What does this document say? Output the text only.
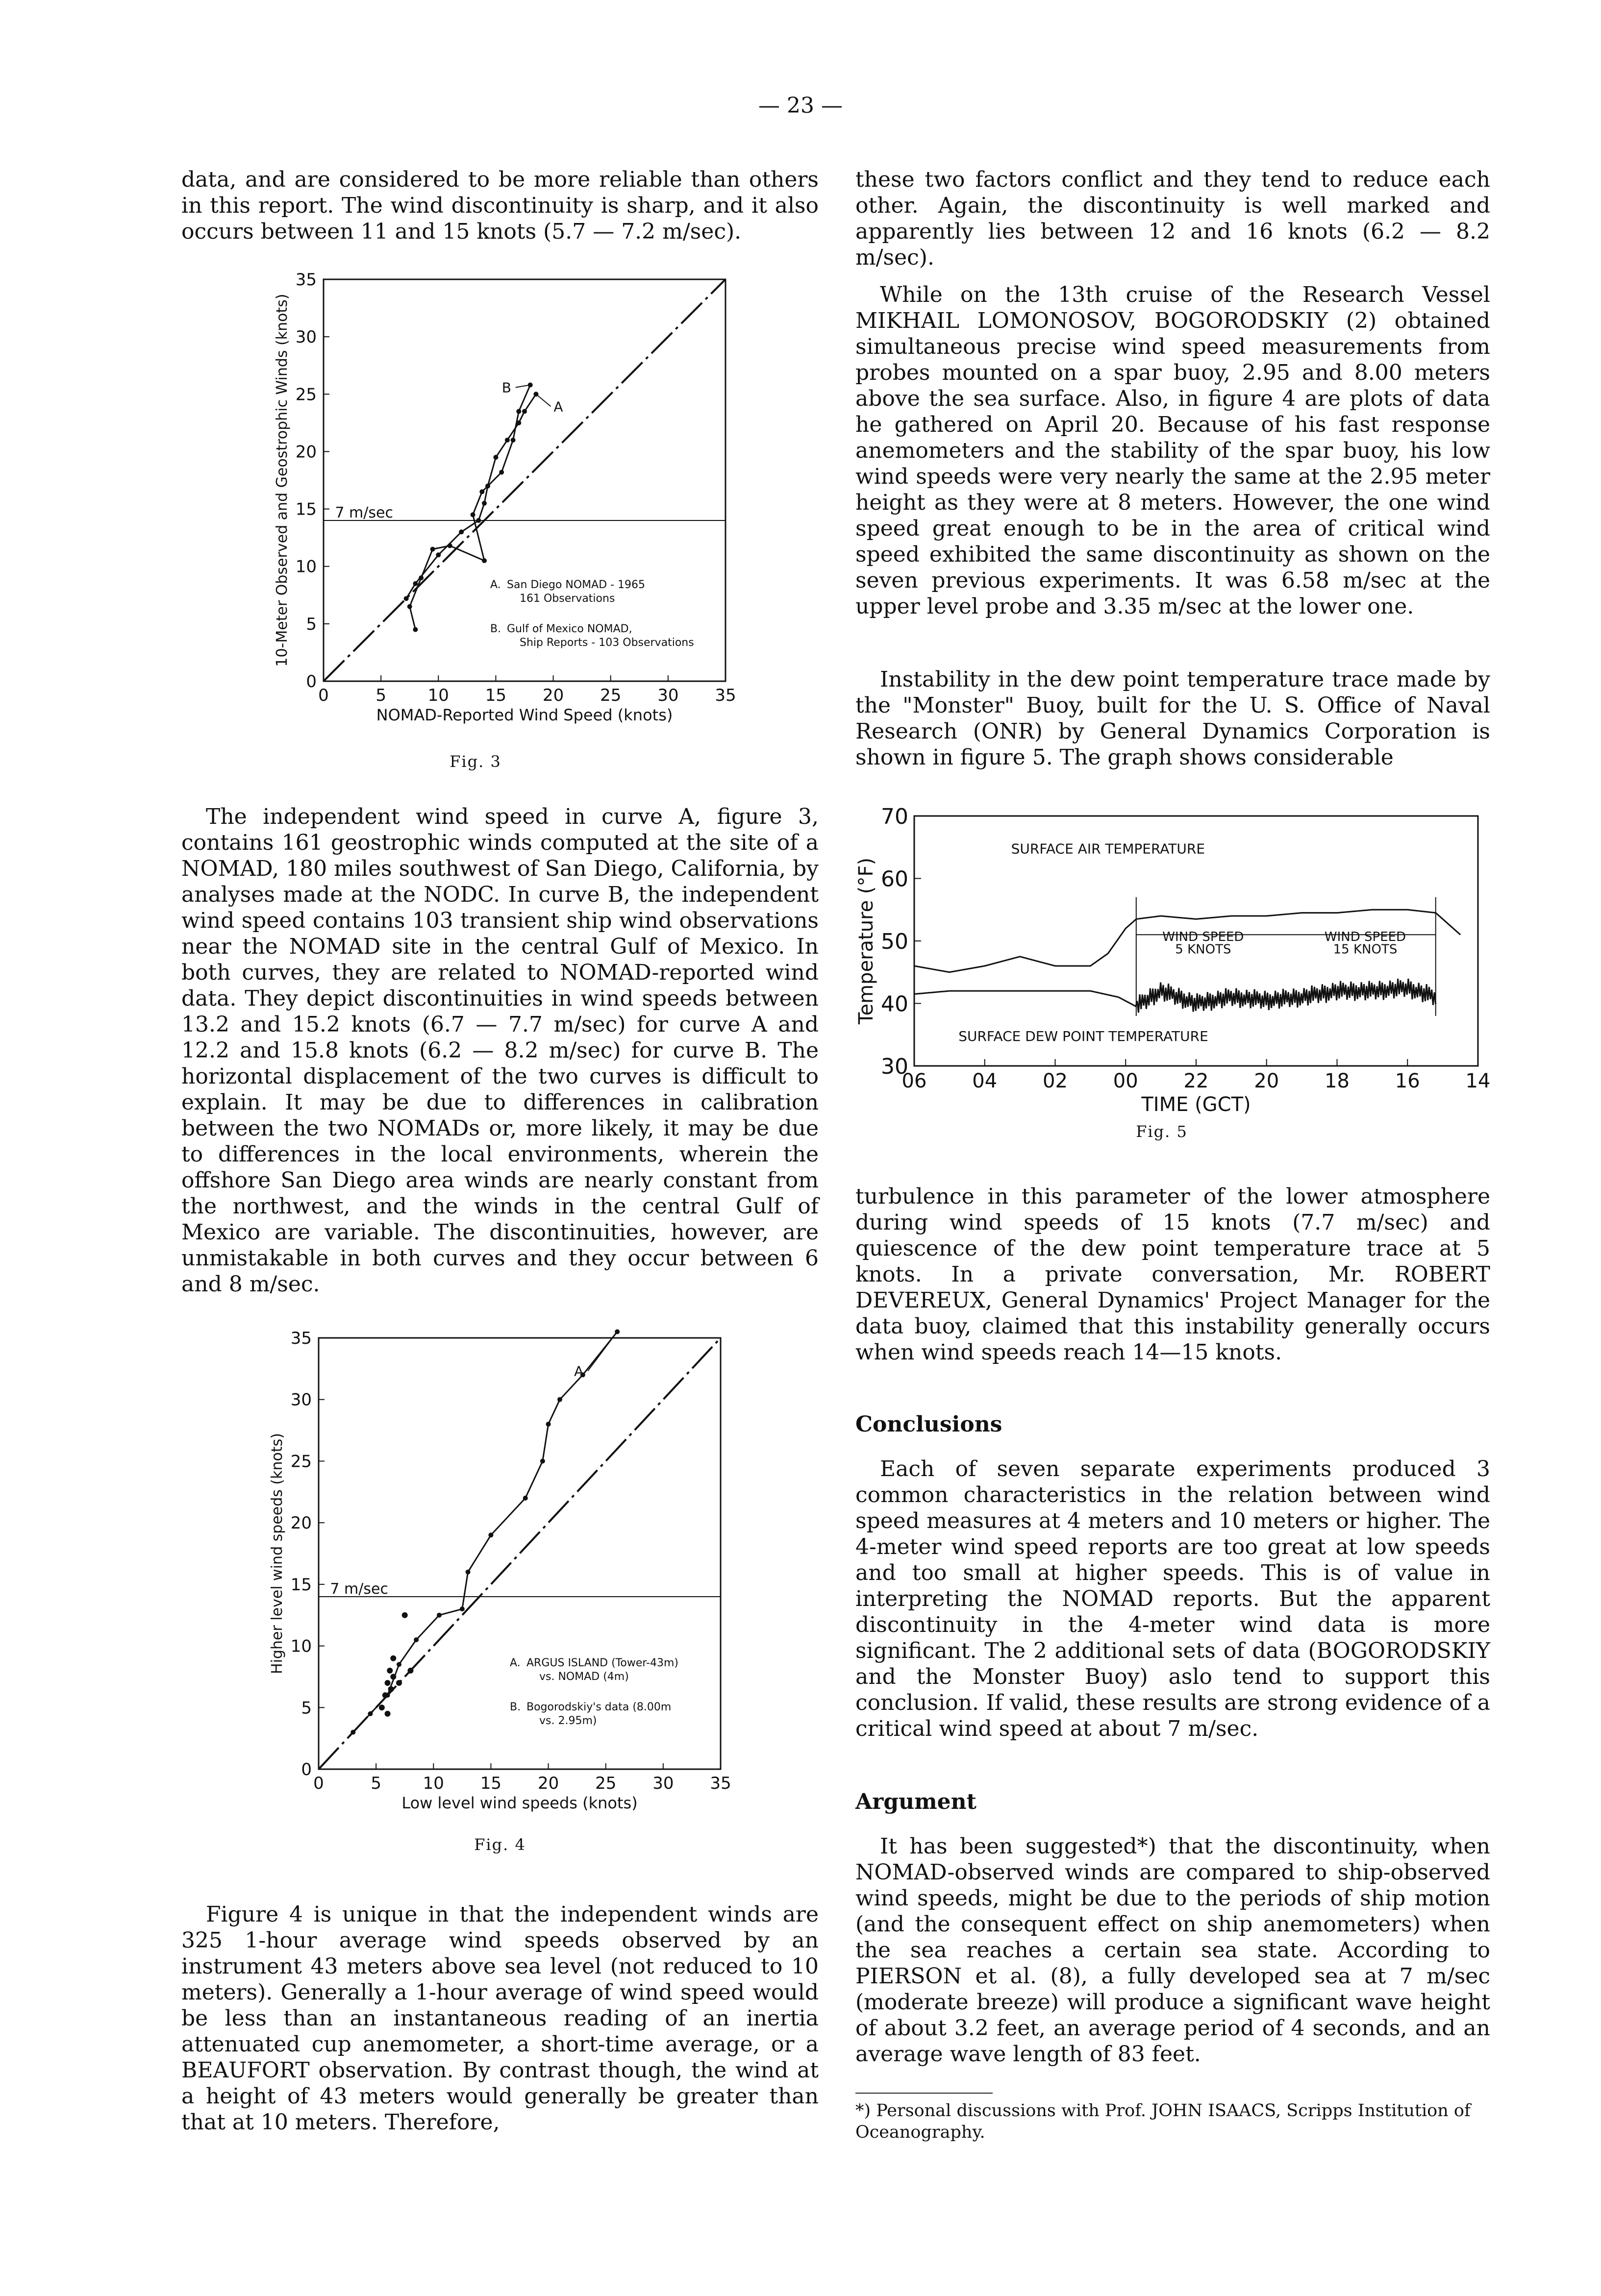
— 23 —

data, and are considered to be more reliable than others in this report. The wind discontinuity is sharp, and it also occurs between 11 and 15 knots (5.7 — 7.2 m/sec).

0	5 10 15 20 25 30 35
0
5
10
15
20
25
30
35
NOMAD-Reported Wind Speed (knots)
10-Meter Observed and Geostrophic Winds (knots)	7 m/sec
A
B
A. San Diego NOMAD - 1965
161 Observations
B. Gulf of Mexico NOMAD,
Ship Reports - 103 Observations
Fig. 3

The independent wind speed in curve A, figure 3, contains 161 geostrophic winds computed at the site of a NOMAD, 180 miles southwest of San Diego, California, by analyses made at the NODC. In curve B, the independent wind speed contains 103 transient ship wind observations near the NOMAD site in the central Gulf of Mexico. In both curves, they are related to NOMAD-reported wind data. They depict discontinuities in wind speeds between 13.2 and 15.2 knots (6.7 — 7.7 m/sec) for curve A and 12.2 and 15.8 knots (6.2 — 8.2 m/sec) for curve B. The horizontal displacement of the two curves is difficult to explain. It may be due to differences in calibration between the two NOMADs or, more likely, it may be due to differences in the local environments, wherein the offshore San Diego area winds are nearly constant from the northwest, and the winds in the central Gulf of Mexico are variable. The discontinuities, however, are unmistakable in both curves and they occur between 6 and 8 m/sec.

0	5 10 15 20 25 30 35
0
5
10
15
20
25
30
35
Low level wind speeds (knots)
Higher level wind speeds (knots)	7 m/sec
A
A. ARGUS ISLAND (Tower-43m)
vs. NOMAD (4m)
B. Bogorodskiy's data (8.00m
vs. 2.95m)
Fig. 4

Figure 4 is unique in that the independent winds are 325 1-hour average wind speeds observed by an instrument 43 meters above sea level (not reduced to 10 meters). Generally a 1-hour average of wind speed would be less than an instantaneous reading of an inertia attenuated cup anemometer, a short-time average, or a BEAUFORT observation. By contrast though, the wind at a height of 43 meters would generally be greater than that at 10 meters. Therefore,

these two factors conflict and they tend to reduce each other. Again, the discontinuity is well marked and apparently lies between 12 and 16 knots (6.2 — 8.2 m/sec).

While on the 13th cruise of the Research Vessel MIKHAIL LOMONOSOV, BOGORODSKIY (2) obtained simultaneous precise wind speed measurements from probes mounted on a spar buoy, 2.95 and 8.00 meters above the sea surface. Also, in figure 4 are plots of data he gathered on April 20. Because of his fast response anemometers and the stability of the spar buoy, his low wind speeds were very nearly the same at the 2.95 meter height as they were at 8 meters. However, the one wind speed great enough to be in the area of critical wind speed exhibited the same discontinuity as shown on the seven previous experiments. It was 6.58 m/sec at the upper level probe and 3.35 m/sec at the lower one.

Instability in the dew point temperature trace made by the "Monster" Buoy, built for the U. S. Office of Naval Research (ONR) by General Dynamics Corporation is shown in figure 5. The graph shows considerable

30
40
50
60
70
06 04 02 00 22 20 18 16 14
TIME (GCT)
Temperature (°F)
SURFACE AIR TEMPERATURE
SURFACE DEW POINT TEMPERATURE
WIND SPEED
5 KNOTS
WIND SPEED
15 KNOTS
Fig. 5

turbulence in this parameter of the lower atmosphere during wind speeds of 15 knots (7.7 m/sec) and quiescence of the dew point temperature trace at 5 knots. In a private conversation, Mr. ROBERT DEVEREUX, General Dynamics' Project Manager for the data buoy, claimed that this instability generally occurs when wind speeds reach 14—15 knots.

Conclusions

Each of seven separate experiments produced 3 common characteristics in the relation between wind speed measures at 4 meters and 10 meters or higher. The 4-meter wind speed reports are too great at low speeds and too small at higher speeds. This is of value in interpreting the NOMAD reports. But the apparent discontinuity in the 4-meter wind data is more significant. The 2 additional sets of data (BOGORODSKIY and the Monster Buoy) aslo tend to support this conclusion. If valid, these results are strong evidence of a critical wind speed at about 7 m/sec.

Argument

It has been suggested*) that the discontinuity, when NOMAD-observed winds are compared to ship-observed wind speeds, might be due to the periods of ship motion (and the consequent effect on ship anemometers) when the sea reaches a certain sea state. According to PIERSON et al. (8), a fully developed sea at 7 m/sec (moderate breeze) will produce a significant wave height of about 3.2 feet, an average period of 4 seconds, and an average wave length of 83 feet.

*) Personal discussions with Prof. JOHN ISAACS, Scripps Institution of Oceanography.
